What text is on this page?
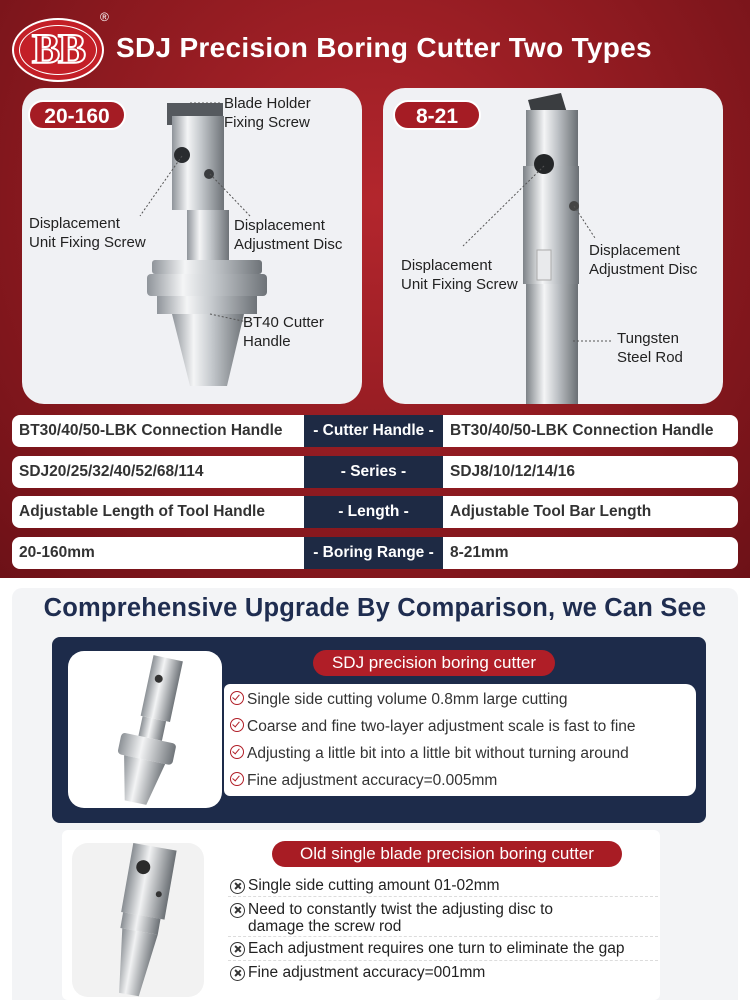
BB
®
SDJ Precision Boring Cutter Two Types
20-160
Blade Holder
Fixing Screw
Displacement
Unit Fixing Screw
Displacement
Adjustment Disc
BT40 Cutter
Handle
8-21
Displacement
Unit Fixing Screw
Displacement
Adjustment Disc
Tungsten
Steel Rod
BT30/40/50-LBK Connection Handle	- Cutter Handle -	BT30/40/50-LBK Connection Handle
SDJ20/25/32/40/52/68/114	- Series -	SDJ8/10/12/14/16
Adjustable Length of Tool Handle	- Length -	Adjustable Tool Bar Length
20-160mm	- Boring Range -	8-21mm
Comprehensive Upgrade By Comparison, we Can See
SDJ precision boring cutter
Single side cutting volume 0.8mm large cutting
Coarse and fine two-layer adjustment scale is fast to fine
Adjusting a little bit into a little bit without turning around
Fine adjustment accuracy=0.005mm
Old single blade precision boring cutter
Single side cutting amount 01-02mm
Need to constantly twist the adjusting disc to
damage the screw rod
Each adjustment requires one turn to eliminate the gap
Fine adjustment accuracy=001mm
